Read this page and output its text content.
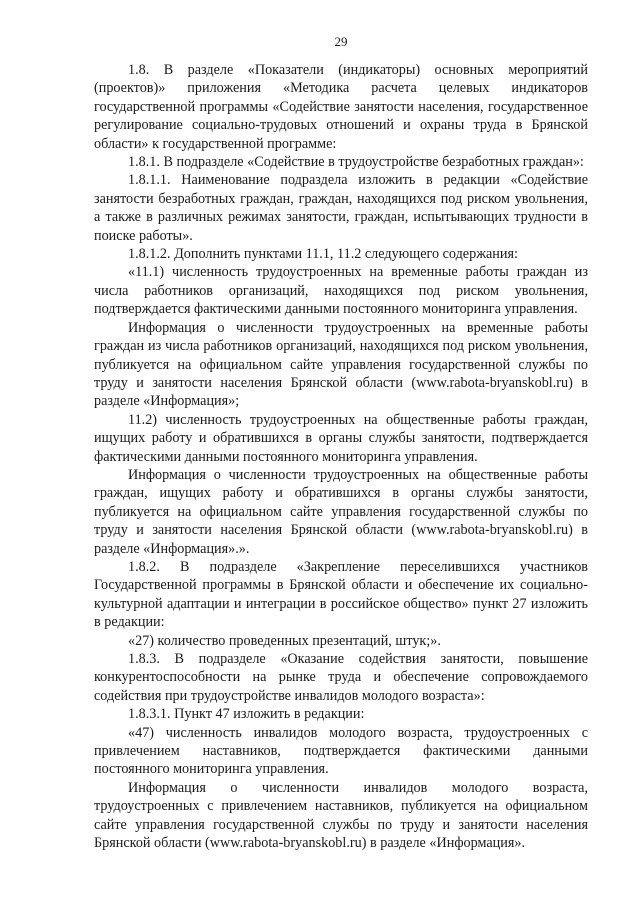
29

1.8. В разделе «Показатели (индикаторы) основных мероприятий (проектов)» приложения «Методика расчета целевых индикаторов государственной программы «Содействие занятости населения, государственное регулирование социально-трудовых отношений и охраны труда в Брянской области» к государственной программе:

1.8.1. В подразделе «Содействие в трудоустройстве безработных граждан»:

1.8.1.1. Наименование подраздела изложить в редакции «Содействие занятости безработных граждан, граждан, находящихся под риском увольнения, а также в различных режимах занятости, граждан, испытывающих трудности в поиске работы».

1.8.1.2. Дополнить пунктами 11.1, 11.2 следующего содержания:

«11.1) численность трудоустроенных на временные работы граждан из числа работников организаций, находящихся под риском увольнения, подтверждается фактическими данными постоянного мониторинга управления.

Информация о численности трудоустроенных на временные работы граждан из числа работников организаций, находящихся под риском увольнения, публикуется на официальном сайте управления государственной службы по труду и занятости населения Брянской области (www.rabota-bryanskobl.ru) в разделе «Информация»;

11.2) численность трудоустроенных на общественные работы граждан, ищущих работу и обратившихся в органы службы занятости, подтверждается фактическими данными постоянного мониторинга управления.

Информация о численности трудоустроенных на общественные работы граждан, ищущих работу и обратившихся в органы службы занятости, публикуется на официальном сайте управления государственной службы по труду и занятости населения Брянской области (www.rabota-bryanskobl.ru) в разделе «Информация».».

1.8.2. В подразделе «Закрепление переселившихся участников Государственной программы в Брянской области и обеспечение их социально-культурной адаптации и интеграции в российское общество» пункт 27 изложить в редакции:

«27) количество проведенных презентаций, штук;».

1.8.3. В подразделе «Оказание содействия занятости, повышение конкурентоспособности на рынке труда и обеспечение сопровождаемого содействия при трудоустройстве инвалидов молодого возраста»:

1.8.3.1. Пункт 47 изложить в редакции:

«47) численность инвалидов молодого возраста, трудоустроенных с привлечением наставников, подтверждается фактическими данными постоянного мониторинга управления.

Информация о численности инвалидов молодого возраста, трудоустроенных с привлечением наставников, публикуется на официальном сайте управления государственной службы по труду и занятости населения Брянской области (www.rabota-bryanskobl.ru) в разделе «Информация».
